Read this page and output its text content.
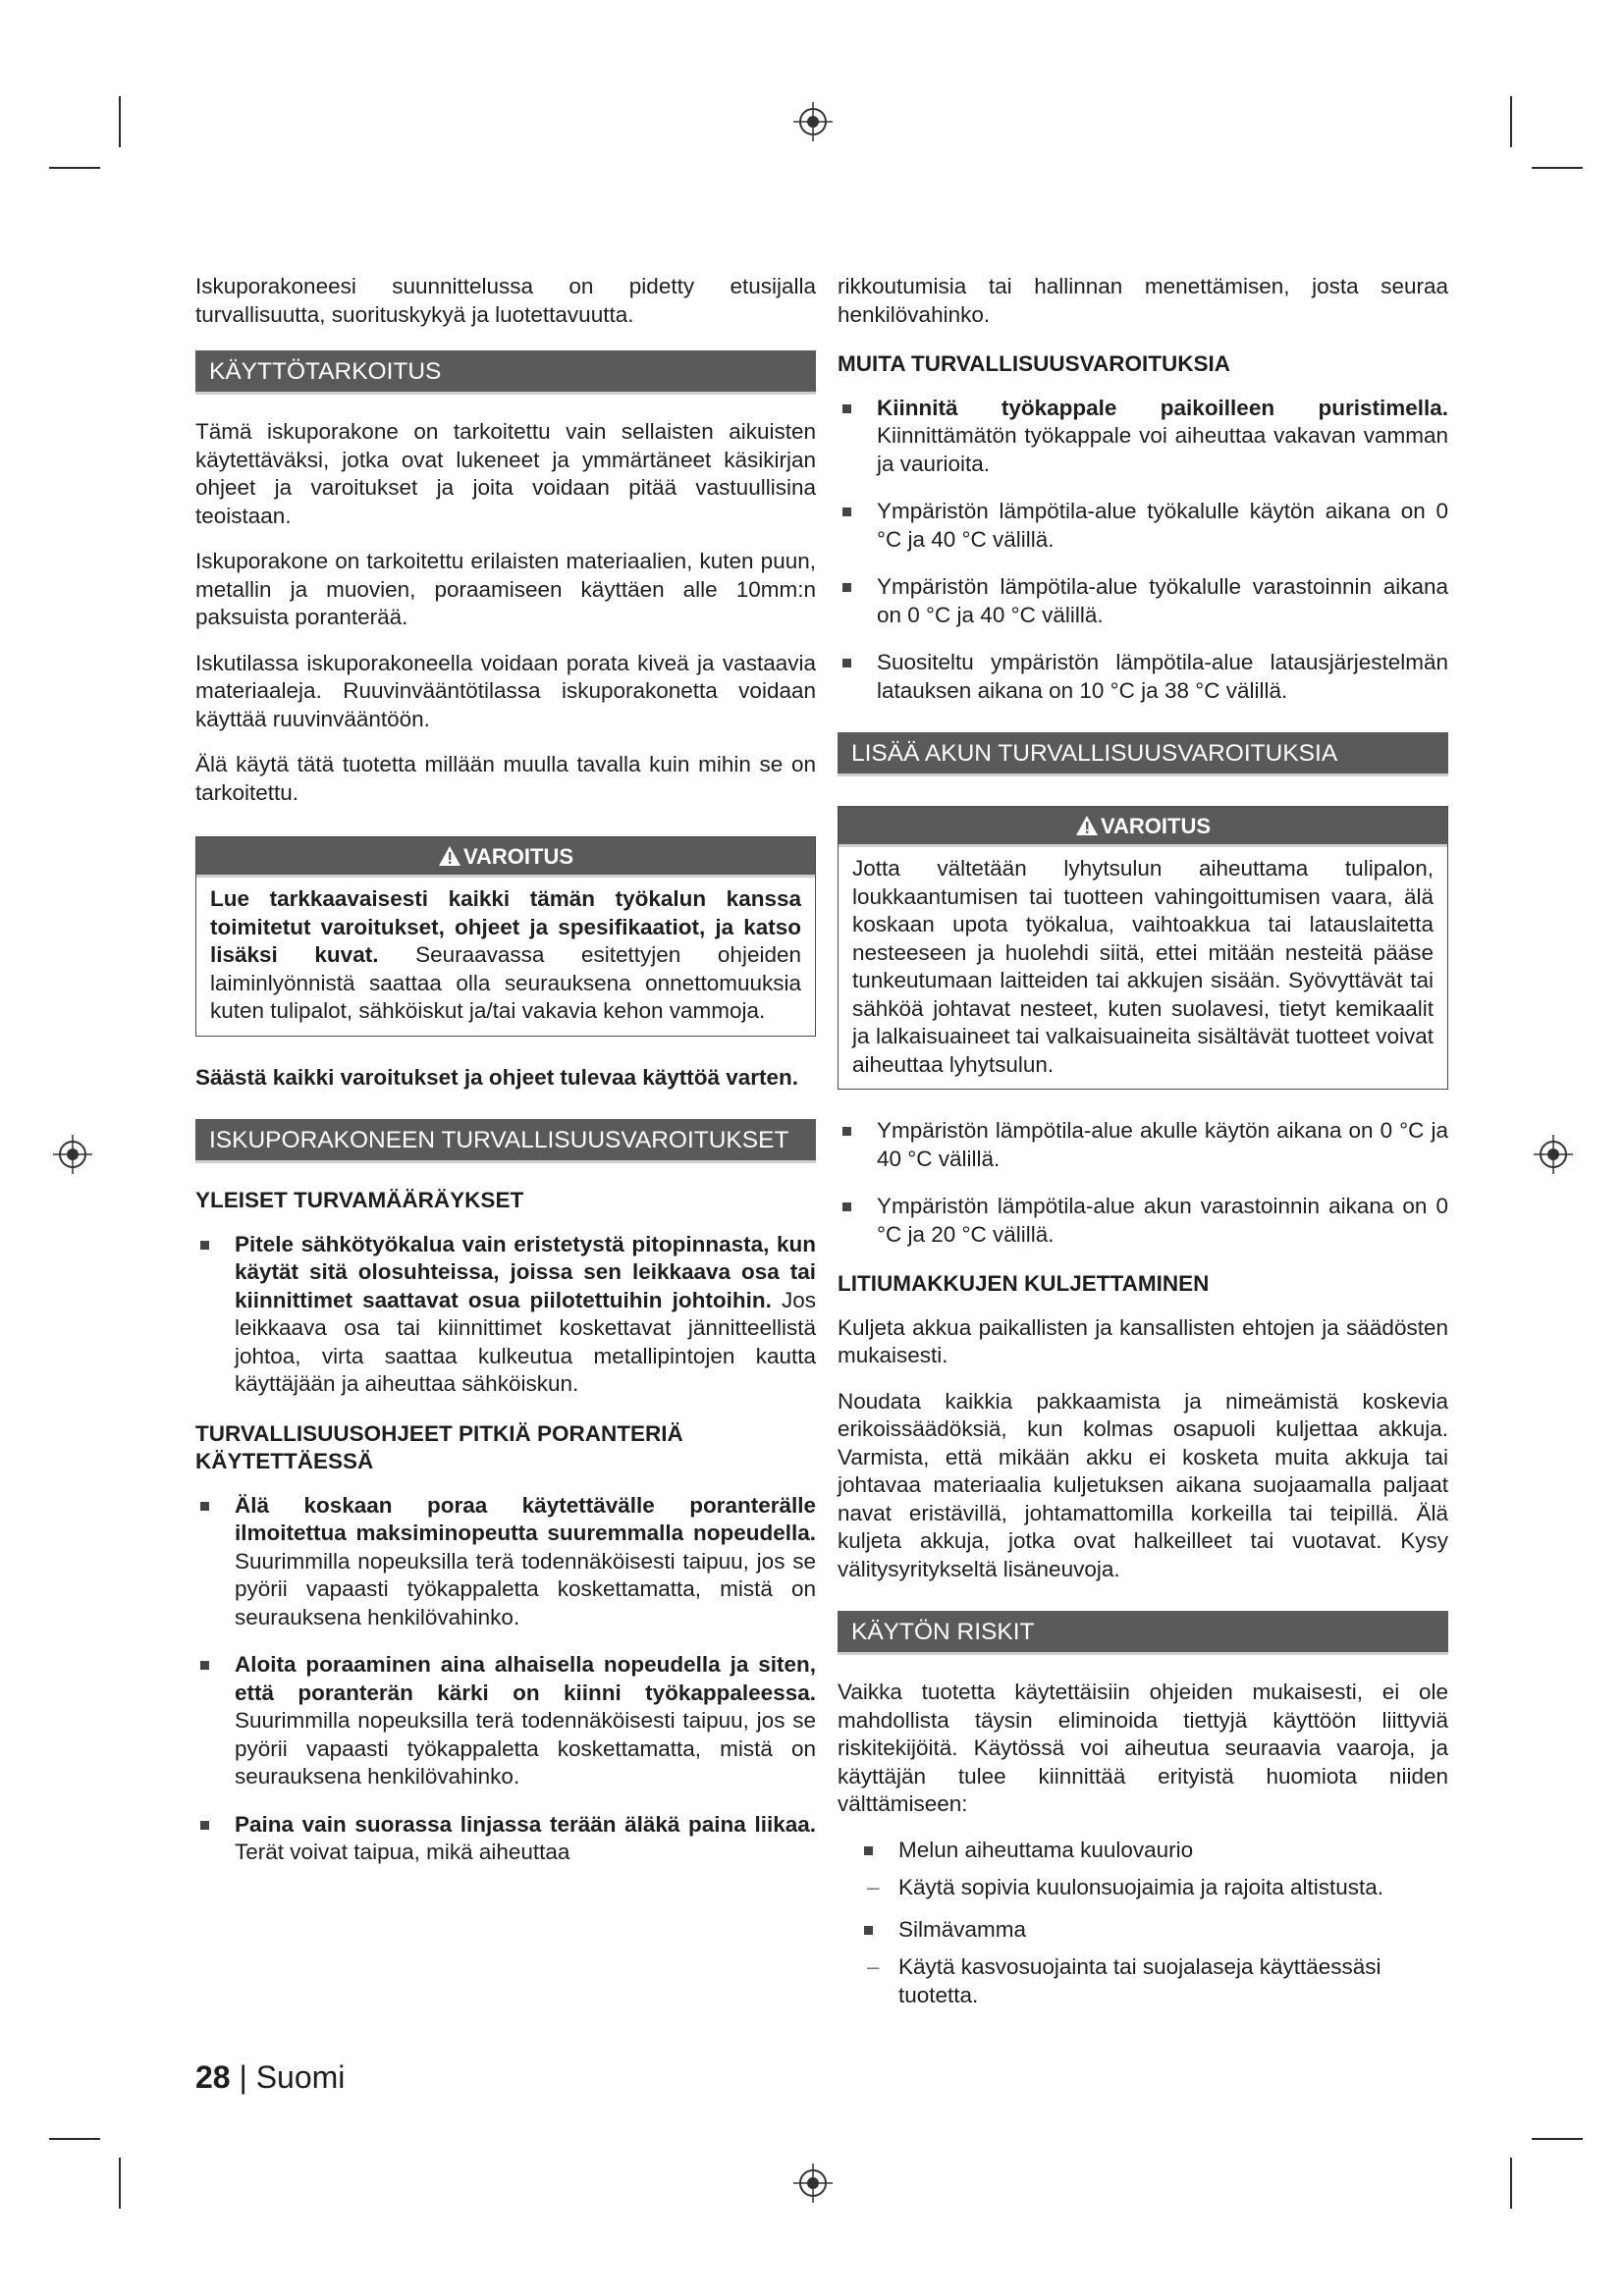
Iskuporakoneesi suunnittelussa on pidetty etusijalla turvallisuutta, suorituskykyä ja luotettavuutta.

KÄYTTÖTARKOITUS

Tämä iskuporakone on tarkoitettu vain sellaisten aikuisten käytettäväksi, jotka ovat lukeneet ja ymmärtäneet käsikirjan ohjeet ja varoitukset ja joita voidaan pitää vastuullisina teoistaan.

Iskuporakone on tarkoitettu erilaisten materiaalien, kuten puun, metallin ja muovien, poraamiseen käyttäen alle 10mm:n paksuista poranterää.

Iskutilassa iskuporakoneella voidaan porata kiveä ja vastaavia materiaaleja. Ruuvinvääntötilassa iskuporakonetta voidaan käyttää ruuvinvääntöön.

Älä käytä tätä tuotetta millään muulla tavalla kuin mihin se on tarkoitettu.

VAROITUS
Lue tarkkaavaisesti kaikki tämän työkalun kanssa toimitetut varoitukset, ohjeet ja spesifikaatiot, ja katso lisäksi kuvat. Seuraavassa esitettyjen ohjeiden laiminlyönnistä saattaa olla seurauksena onnettomuuksia kuten tulipalot, sähköiskut ja/tai vakavia kehon vammoja.

Säästä kaikki varoitukset ja ohjeet tulevaa käyttöä varten.

ISKUPORAKONEEN TURVALLISUUSVAROITUKSET
YLEISET TURVAMÄÄRÄYKSET
Pitele sähkötyökalua vain eristetystä pitopinnasta, kun käytät sitä olosuhteissa, joissa sen leikkaava osa tai kiinnittimet saattavat osua piilotettuihin johtoihin. Jos leikkaava osa tai kiinnittimet koskettavat jännitteellistä johtoa, virta saattaa kulkeutua metallipintojen kautta käyttäjään ja aiheuttaa sähköiskun.
TURVALLISUUSOHJEET PITKIÄ PORANTERIÄ KÄYTETTÄESSÄ
Älä koskaan poraa käytettävälle poranterälle ilmoitettua maksiminopeutta suuremmalla nopeudella. Suurimmilla nopeuksilla terä todennäköisesti taipuu, jos se pyörii vapaasti työkappaletta koskettamatta, mistä on seurauksena henkilövahinko.
Aloita poraaminen aina alhaisella nopeudella ja siten, että poranterän kärki on kiinni työkappaleessa. Suurimmilla nopeuksilla terä todennäköisesti taipuu, jos se pyörii vapaasti työkappaletta koskettamatta, mistä on seurauksena henkilövahinko.
Paina vain suorassa linjassa terään äläkä paina liikaa. Terät voivat taipua, mikä aiheuttaa

rikkoutumisia tai hallinnan menettämisen, josta seuraa henkilövahinko.

MUITA TURVALLISUUSVAROITUKSIA
Kiinnitä työkappale paikoilleen puristimella. Kiinnittämätön työkappale voi aiheuttaa vakavan vamman ja vaurioita.
Ympäristön lämpötila-alue työkalulle käytön aikana on 0 °C ja 40 °C välillä.
Ympäristön lämpötila-alue työkalulle varastoinnin aikana on 0 °C ja 40 °C välillä.
Suositeltu ympäristön lämpötila-alue latausjärjestelmän latauksen aikana on 10 °C ja 38 °C välillä.
LISÄÄ AKUN TURVALLISUUSVAROITUKSIA
VAROITUS
Jotta vältetään lyhytsulun aiheuttama tulipalon, loukkaantumisen tai tuotteen vahingoittumisen vaara, älä koskaan upota työkalua, vaihtoakkua tai latauslaitetta nesteeseen ja huolehdi siitä, ettei mitään nesteitä pääse tunkeutumaan laitteiden tai akkujen sisään. Syövyttävät tai sähköä johtavat nesteet, kuten suolavesi, tietyt kemikaalit ja lalkaisuaineet tai valkaisuaineita sisältävät tuotteet voivat aiheuttaa lyhytsulun.
Ympäristön lämpötila-alue akulle käytön aikana on 0 °C ja 40 °C välillä.
Ympäristön lämpötila-alue akun varastoinnin aikana on 0 °C ja 20 °C välillä.
LITIUMAKKUJEN KULJETTAMINEN

Kuljeta akkua paikallisten ja kansallisten ehtojen ja säädösten mukaisesti.

Noudata kaikkia pakkaamista ja nimeämistä koskevia erikoissäädöksiä, kun kolmas osapuoli kuljettaa akkuja. Varmista, että mikään akku ei kosketa muita akkuja tai johtavaa materiaalia kuljetuksen aikana suojaamalla paljaat navat eristävillä, johtamattomilla korkeilla tai teipillä. Älä kuljeta akkuja, jotka ovat halkeilleet tai vuotavat. Kysy välitysyritykseltä lisäneuvoja.

KÄYTÖN RISKIT

Vaikka tuotetta käytettäisiin ohjeiden mukaisesti, ei ole mahdollista täysin eliminoida tiettyjä käyttöön liittyviä riskitekijöitä. Käytössä voi aiheutua seuraavia vaaroja, ja käyttäjän tulee kiinnittää erityistä huomiota niiden välttämiseen:

Melun aiheuttama kuulovaurio
– Käytä sopivia kuulonsuojaimia ja rajoita altistusta.
Silmävamma
– Käytä kasvosuojainta tai suojalaseja käyttäessäsi tuotetta.
28 | Suomi
